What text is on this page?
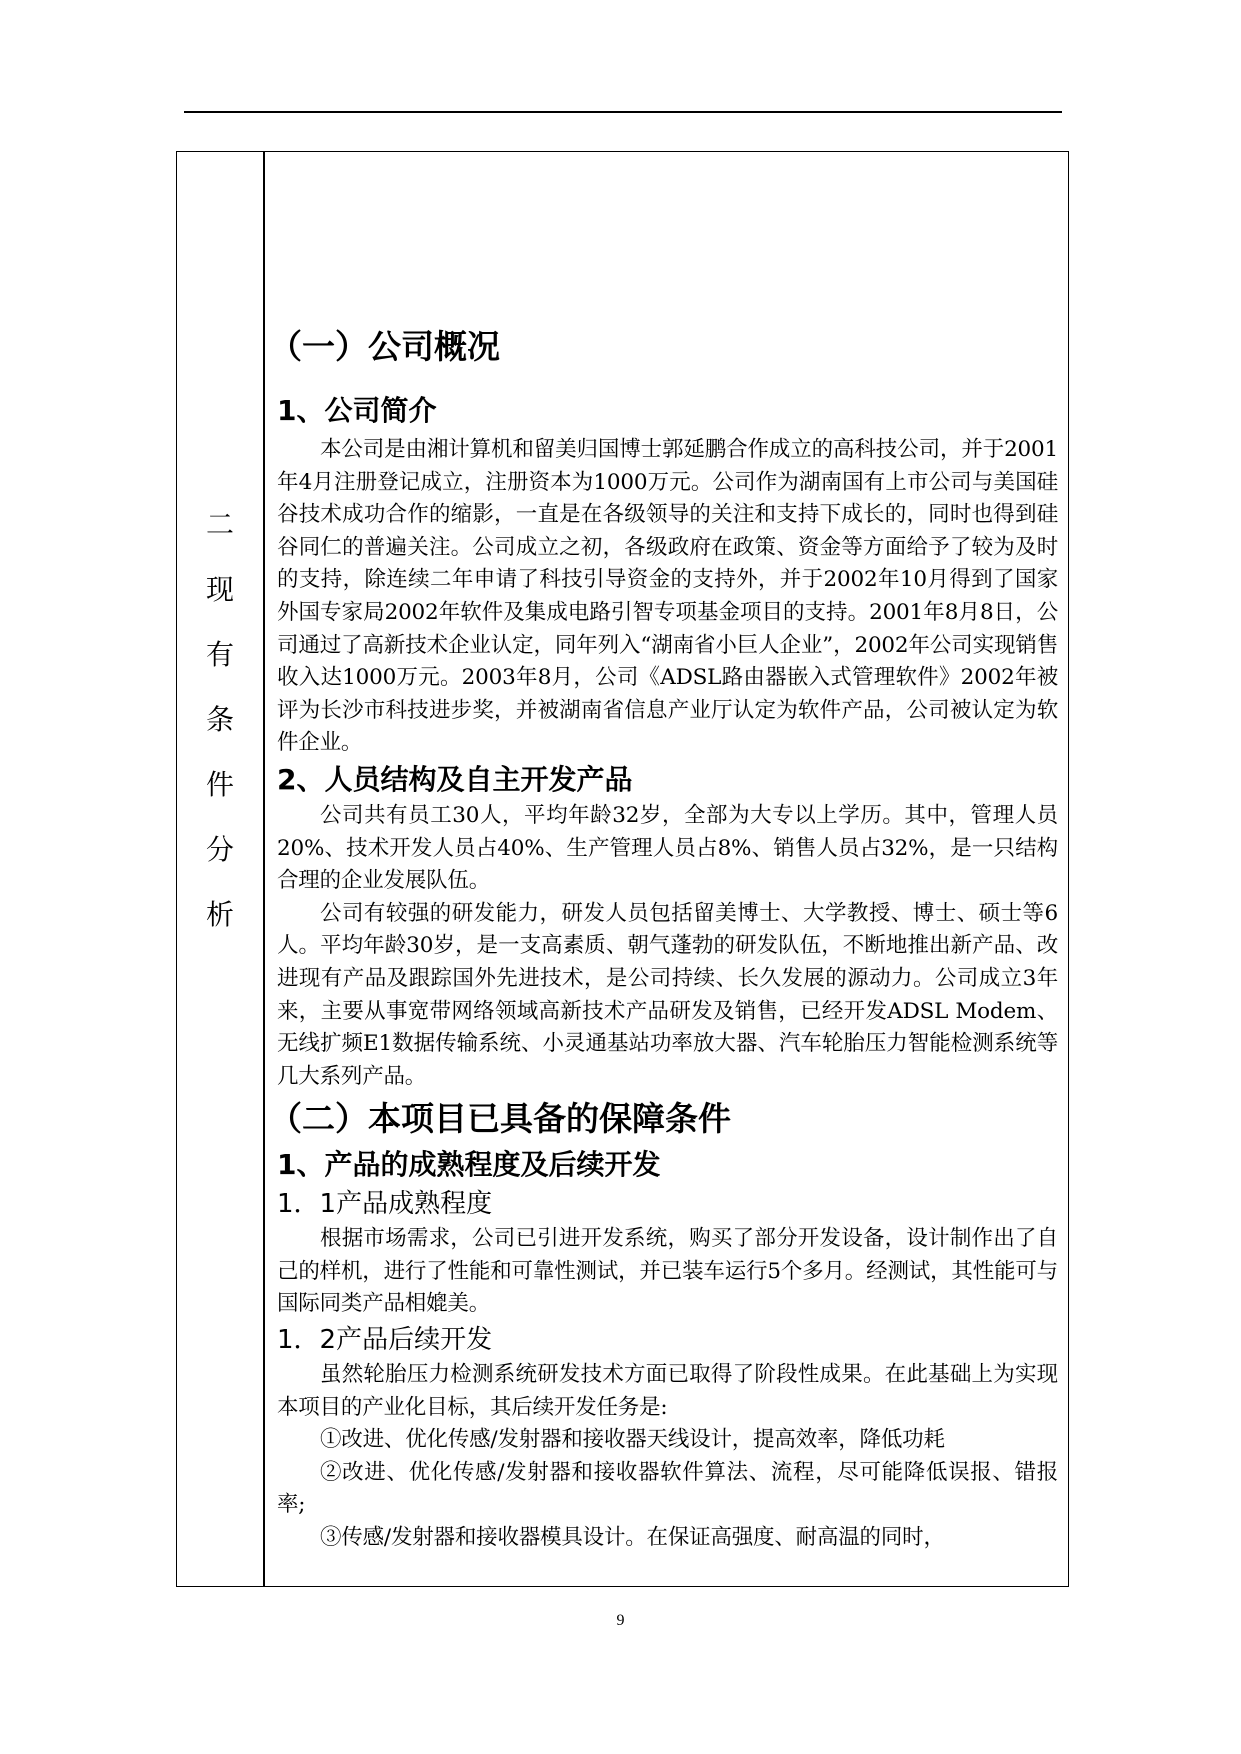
二
现
有
条
件
分
析
（一）公司概况
1、公司简介

本公司是由湘计算机和留美归国博士郭延鹏合作成立的高科技公司，并于2001年4月注册登记成立，注册资本为1000万元。公司作为湖南国有上市公司与美国硅谷技术成功合作的缩影，一直是在各级领导的关注和支持下成长的，同时也得到硅谷同仁的普遍关注。公司成立之初，各级政府在政策、资金等方面给予了较为及时的支持，除连续二年申请了科技引导资金的支持外，并于2002年10月得到了国家外国专家局2002年软件及集成电路引智专项基金项目的支持。2001年8月8日，公司通过了高新技术企业认定，同年列入“湖南省小巨人企业”，2002年公司实现销售收入达1000万元。2003年8月，公司《ADSL路由器嵌入式管理软件》2002年被评为长沙市科技进步奖，并被湖南省信息产业厅认定为软件产品，公司被认定为软件企业。

2、人员结构及自主开发产品

公司共有员工30人，平均年龄32岁，全部为大专以上学历。其中，管理人员20%、技术开发人员占40%、生产管理人员占8%、销售人员占32%，是一只结构合理的企业发展队伍。

公司有较强的研发能力，研发人员包括留美博士、大学教授、博士、硕士等6人。平均年龄30岁，是一支高素质、朝气蓬勃的研发队伍，不断地推出新产品、改进现有产品及跟踪国外先进技术，是公司持续、长久发展的源动力。公司成立3年来，主要从事宽带网络领域高新技术产品研发及销售，已经开发ADSL Modem、无线扩频E1数据传输系统、小灵通基站功率放大器、汽车轮胎压力智能检测系统等几大系列产品。

（二）本项目已具备的保障条件
1、产品的成熟程度及后续开发
1．1产品成熟程度

根据市场需求，公司已引进开发系统，购买了部分开发设备，设计制作出了自己的样机，进行了性能和可靠性测试，并已装车运行5个多月。经测试，其性能可与国际同类产品相媲美。

1．2产品后续开发

虽然轮胎压力检测系统研发技术方面已取得了阶段性成果。在此基础上为实现本项目的产业化目标，其后续开发任务是:

①改进、优化传感/发射器和接收器天线设计，提高效率，降低功耗

②改进、优化传感/发射器和接收器软件算法、流程，尽可能降低误报、错报率;

③传感/发射器和接收器模具设计。在保证高强度、耐高温的同时，

9
